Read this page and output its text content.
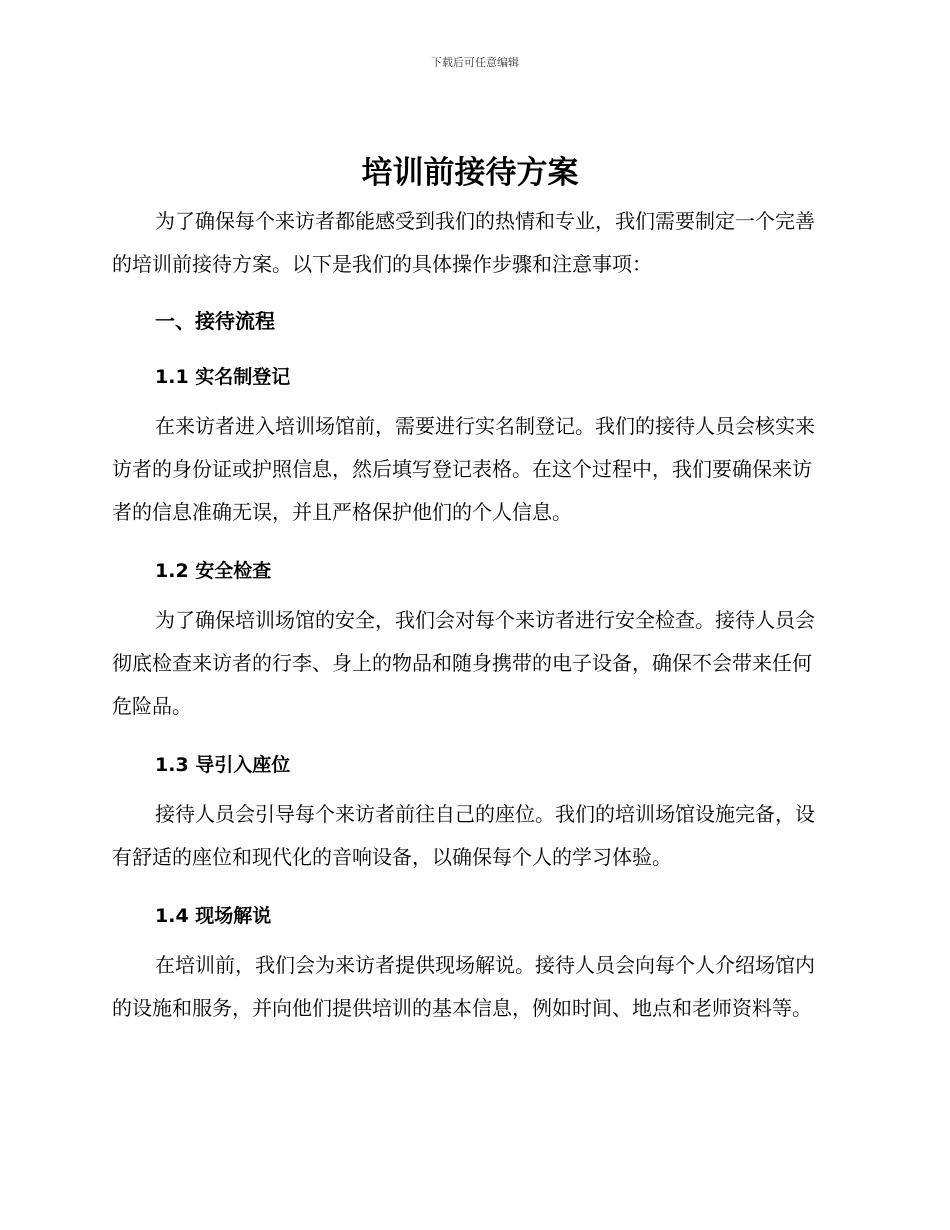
下载后可任意编辑
培训前接待方案

为了确保每个来访者都能感受到我们的热情和专业，我们需要制定一个完善的培训前接待方案。以下是我们的具体操作步骤和注意事项：

一、接待流程
1.1 实名制登记

在来访者进入培训场馆前，需要进行实名制登记。我们的接待人员会核实来访者的身份证或护照信息，然后填写登记表格。在这个过程中，我们要确保来访者的信息准确无误，并且严格保护他们的个人信息。

1.2 安全检查

为了确保培训场馆的安全，我们会对每个来访者进行安全检查。接待人员会彻底检查来访者的行李、身上的物品和随身携带的电子设备，确保不会带来任何危险品。

1.3 导引入座位

接待人员会引导每个来访者前往自己的座位。我们的培训场馆设施完备，设有舒适的座位和现代化的音响设备，以确保每个人的学习体验。

1.4 现场解说

在培训前，我们会为来访者提供现场解说。接待人员会向每个人介绍场馆内的设施和服务，并向他们提供培训的基本信息，例如时间、地点和老师资料等。
